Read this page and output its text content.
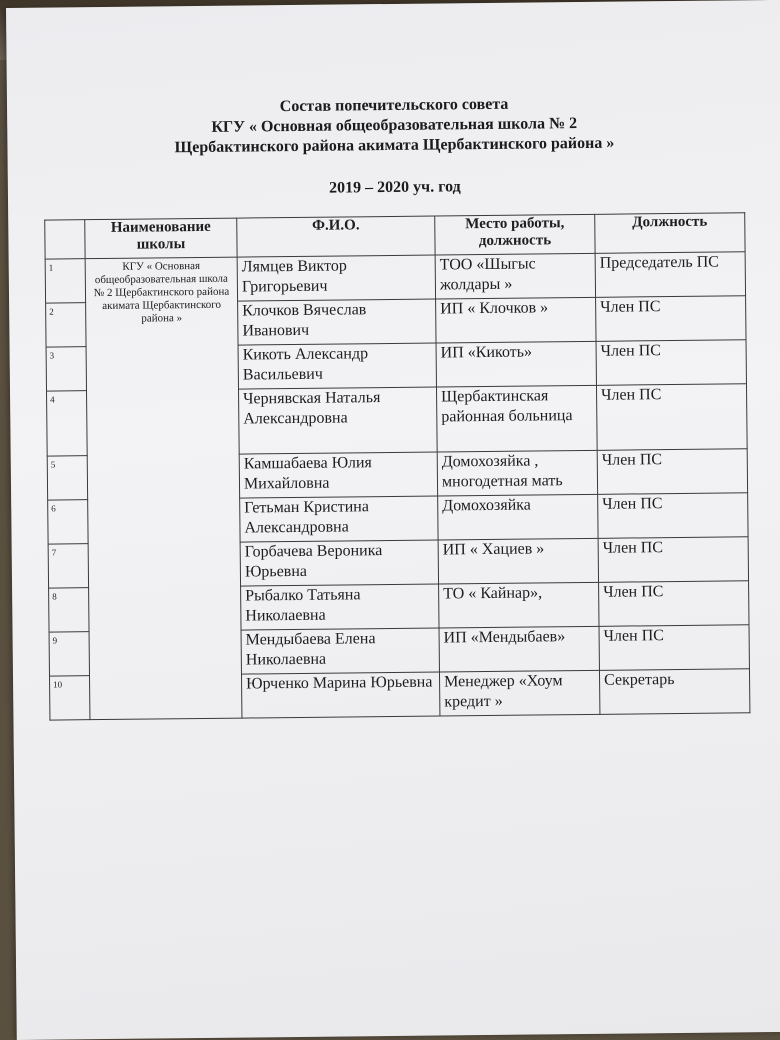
Состав попечительского совета
КГУ « Основная общеобразовательная школа № 2
Щербактинского района акимата Щербактинского района »
2019 – 2020 уч. год
	Наименование школы	Ф.И.О.	Место работы, должность	Должность
1	КГУ « Основная общеобразовательная школа № 2 Щербактинского района акимата Щербактинского района »	Лямцев Виктор Григорьевич	ТОО «Шыгыс жолдары »	Председатель ПС
2		Клочков Вячеслав Иванович	ИП « Клочков »	Член ПС
3		Кикоть Александр Васильевич	ИП «Кикоть»	Член ПС
4		Чернявская Наталья Александровна	Щербактинская районная больница	Член ПС
5		Камшабаева Юлия Михайловна	Домохозяйка , многодетная мать	Член ПС
6		Гетьман Кристина Александровна	Домохозяйка	Член ПС
7		Горбачева Вероника Юрьевна	ИП « Хациев »	Член ПС
8		Рыбалко Татьяна Николаевна	ТО « Кайнар»,	Член ПС
9		Мендыбаева Елена Николаевна	ИП «Мендыбаев»	Член ПС
10		Юрченко Марина Юрьевна	Менеджер «Хоум кредит »	Секретарь
